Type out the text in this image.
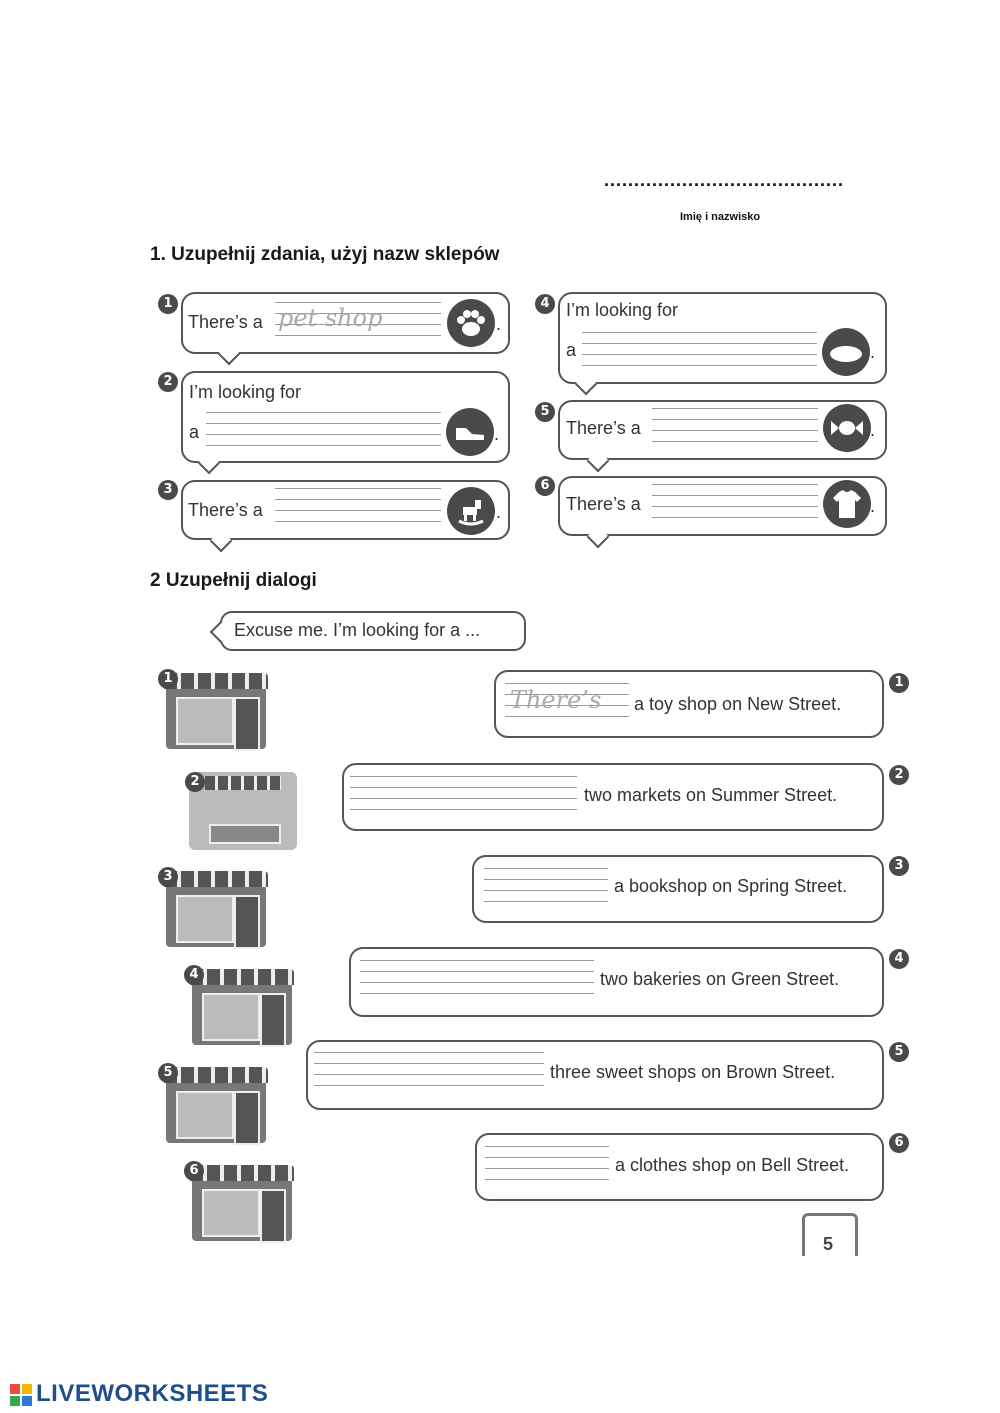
........................................
Imię i nazwisko
1. Uzupełnij zdania, użyj nazw sklepów
1
There’s a pet shop	.
2
I’m looking for
a	.
3
There’s a	.
4 I’m looking for
a	.
5
There’s a	.
6
There’s a	.
2 Uzupełnij dialogi
Excuse me. I’m looking for a ...
1
2
3
4
5
6
There’s a toy shop on New Street.
1
two markets on Summer Street.
2
a bookshop on Spring Street.
3
two bakeries on Green Street.
4
three sweet shops on Brown Street.
5
a clothes shop on Bell Street.
6
5
LIVEWORKSHEETS
